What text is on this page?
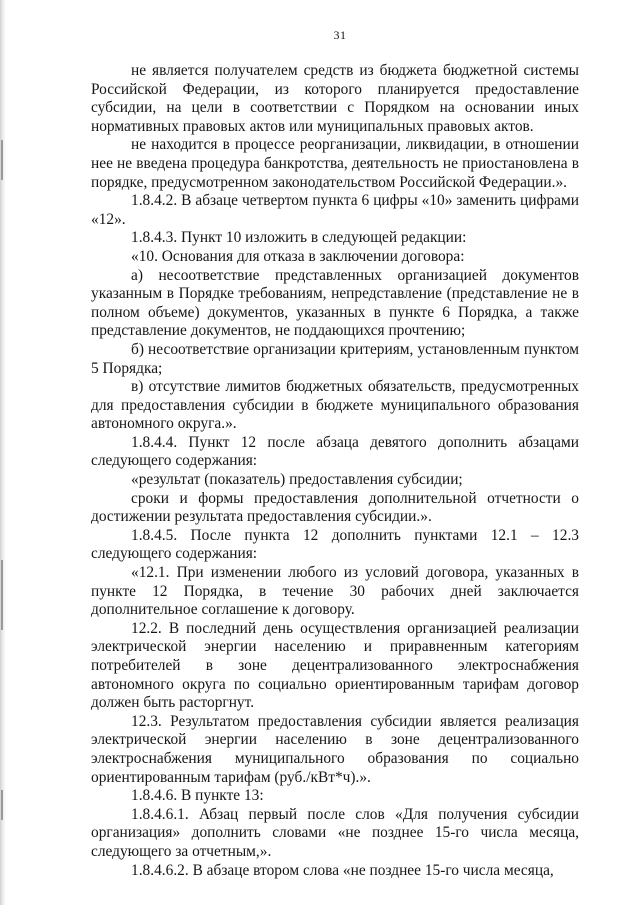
31

не является получателем средств из бюджета бюджетной системы Российской Федерации, из которого планируется предоставление субсидии, на цели в соответствии с Порядком на основании иных нормативных правовых актов или муниципальных правовых актов.

не находится в процессе реорганизации, ликвидации, в отношении нее не введена процедура банкротства, деятельность не приостановлена в порядке, предусмотренном законодательством Российской Федерации.».

1.8.4.2. В абзаце четвертом пункта 6 цифры «10» заменить цифрами «12».

1.8.4.3. Пункт 10 изложить в следующей редакции:

«10. Основания для отказа в заключении договора:

а) несоответствие представленных организацией документов указанным в Порядке требованиям, непредставление (представление не в полном объеме) документов, указанных в пункте 6 Порядка, а также представление документов, не поддающихся прочтению;

б) несоответствие организации критериям, установленным пунктом 5 Порядка;

в) отсутствие лимитов бюджетных обязательств, предусмотренных для предоставления субсидии в бюджете муниципального образования автономного округа.».

1.8.4.4. Пункт 12 после абзаца девятого дополнить абзацами следующего содержания:

«результат (показатель) предоставления субсидии;

сроки и формы предоставления дополнительной отчетности о достижении результата предоставления субсидии.».

1.8.4.5. После пункта 12 дополнить пунктами 12.1 – 12.3 следующего содержания:

«12.1. При изменении любого из условий договора, указанных в пункте 12 Порядка, в течение 30 рабочих дней заключается дополнительное соглашение к договору.

12.2. В последний день осуществления организацией реализации электрической энергии населению и приравненным категориям потребителей в зоне децентрализованного электроснабжения автономного округа по социально ориентированным тарифам договор должен быть расторгнут.

12.3. Результатом предоставления субсидии является реализация электрической энергии населению в зоне децентрализованного электроснабжения муниципального образования по социально ориентированным тарифам (руб./кВт*ч).».

1.8.4.6. В пункте 13:

1.8.4.6.1. Абзац первый после слов «Для получения субсидии организация» дополнить словами «не позднее 15-го числа месяца, следующего за отчетным,».

1.8.4.6.2. В абзаце втором слова «не позднее 15-го числа месяца,
